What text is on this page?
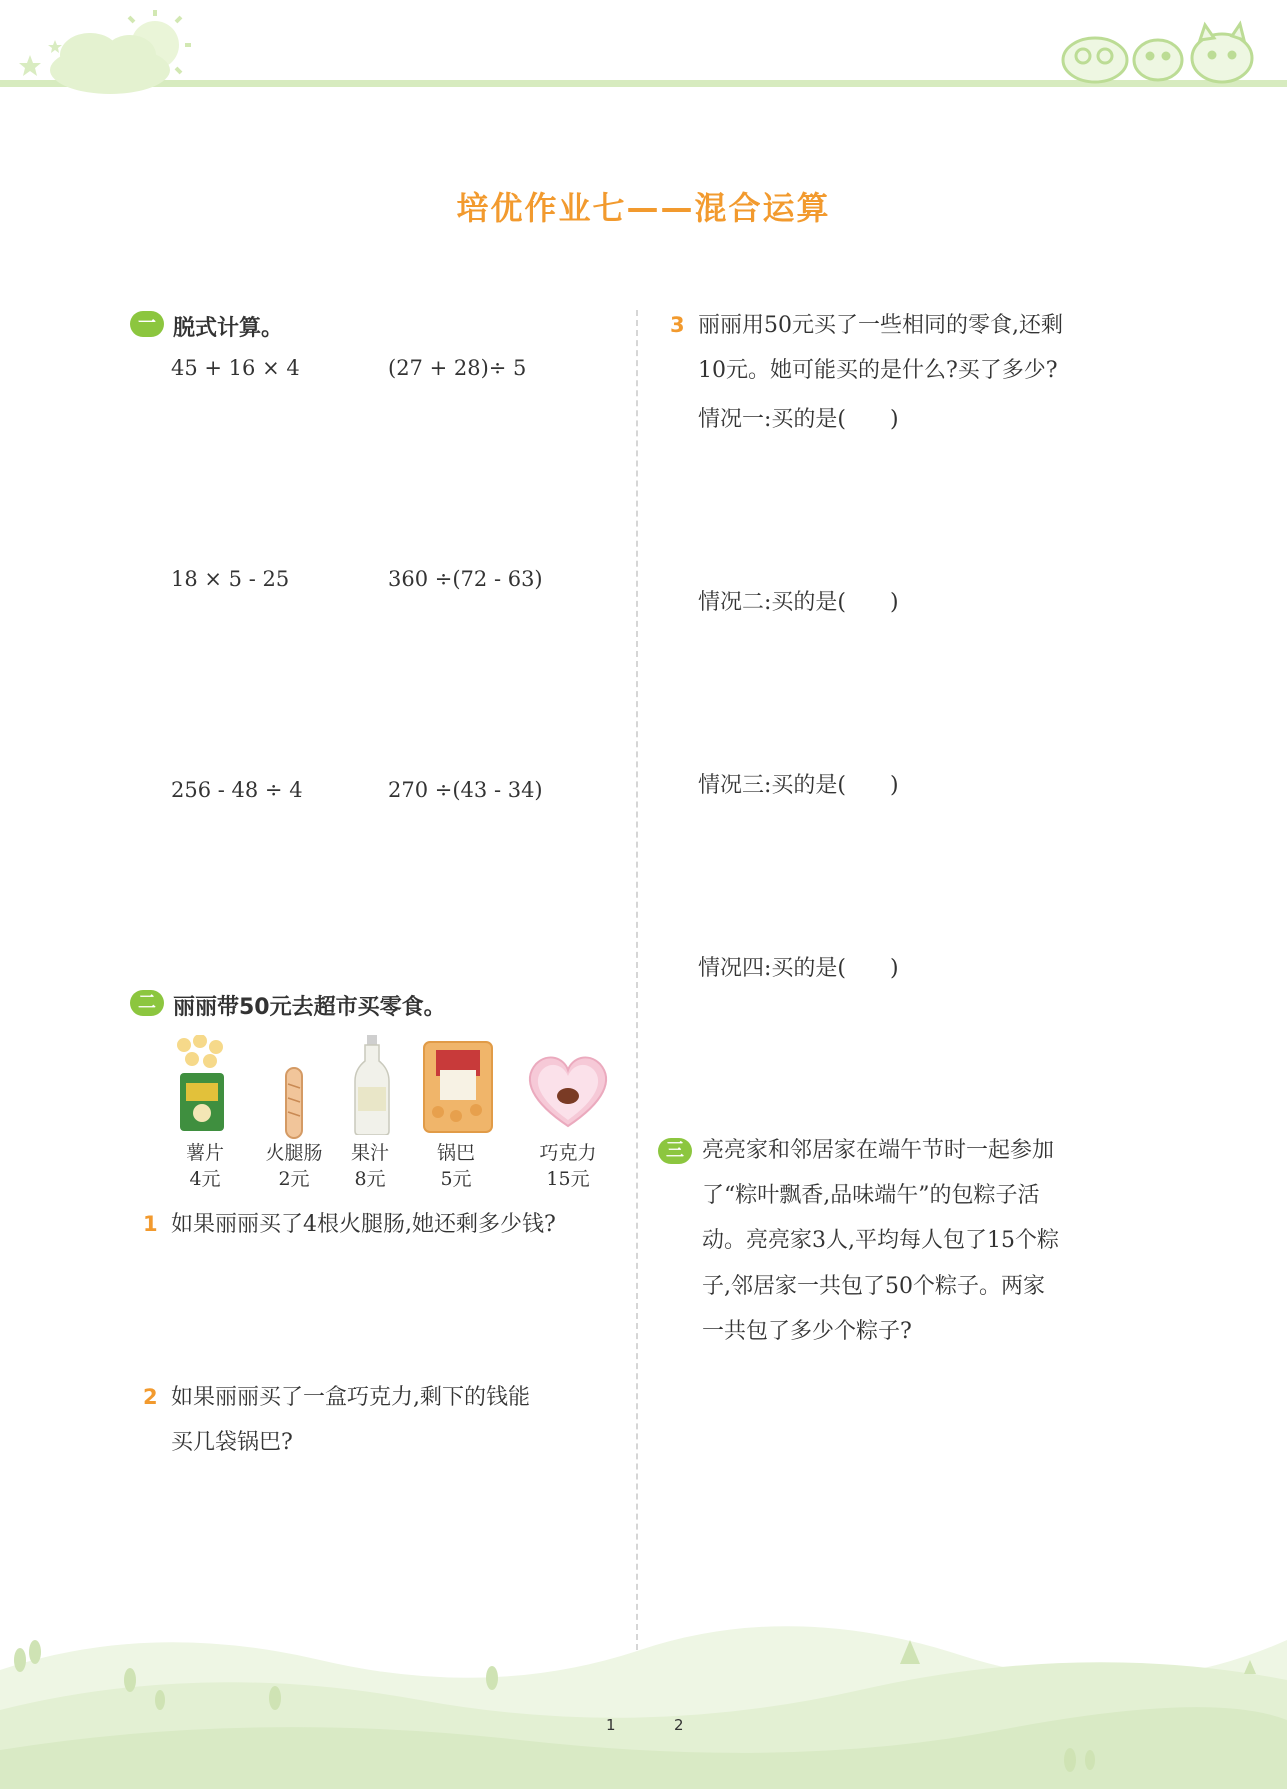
培优作业七——混合运算
一 脱式计算。
45 + 16 × 4	(27 + 28)÷ 5
18 × 5 - 25	360 ÷(72 - 63)
256 - 48 ÷ 4	270 ÷(43 - 34)
二 丽丽带50元去超市买零食。
薯片
4元
火腿肠
2元
果汁
8元
锅巴
5元
巧克力
15元
1 如果丽丽买了4根火腿肠,她还剩多少钱?
2 如果丽丽买了一盒巧克力,剩下的钱能
买几袋锅巴?
3 丽丽用50元买了一些相同的零食,还剩
10元。她可能买的是什么?买了多少?
情况一:买的是(　　)
情况二:买的是(　　)
情况三:买的是(　　)
情况四:买的是(　　)
三 亮亮家和邻居家在端午节时一起参加
了“粽叶飘香,品味端午”的包粽子活
动。亮亮家3人,平均每人包了15个粽
子,邻居家一共包了50个粽子。两家
一共包了多少个粽子?
1	2
